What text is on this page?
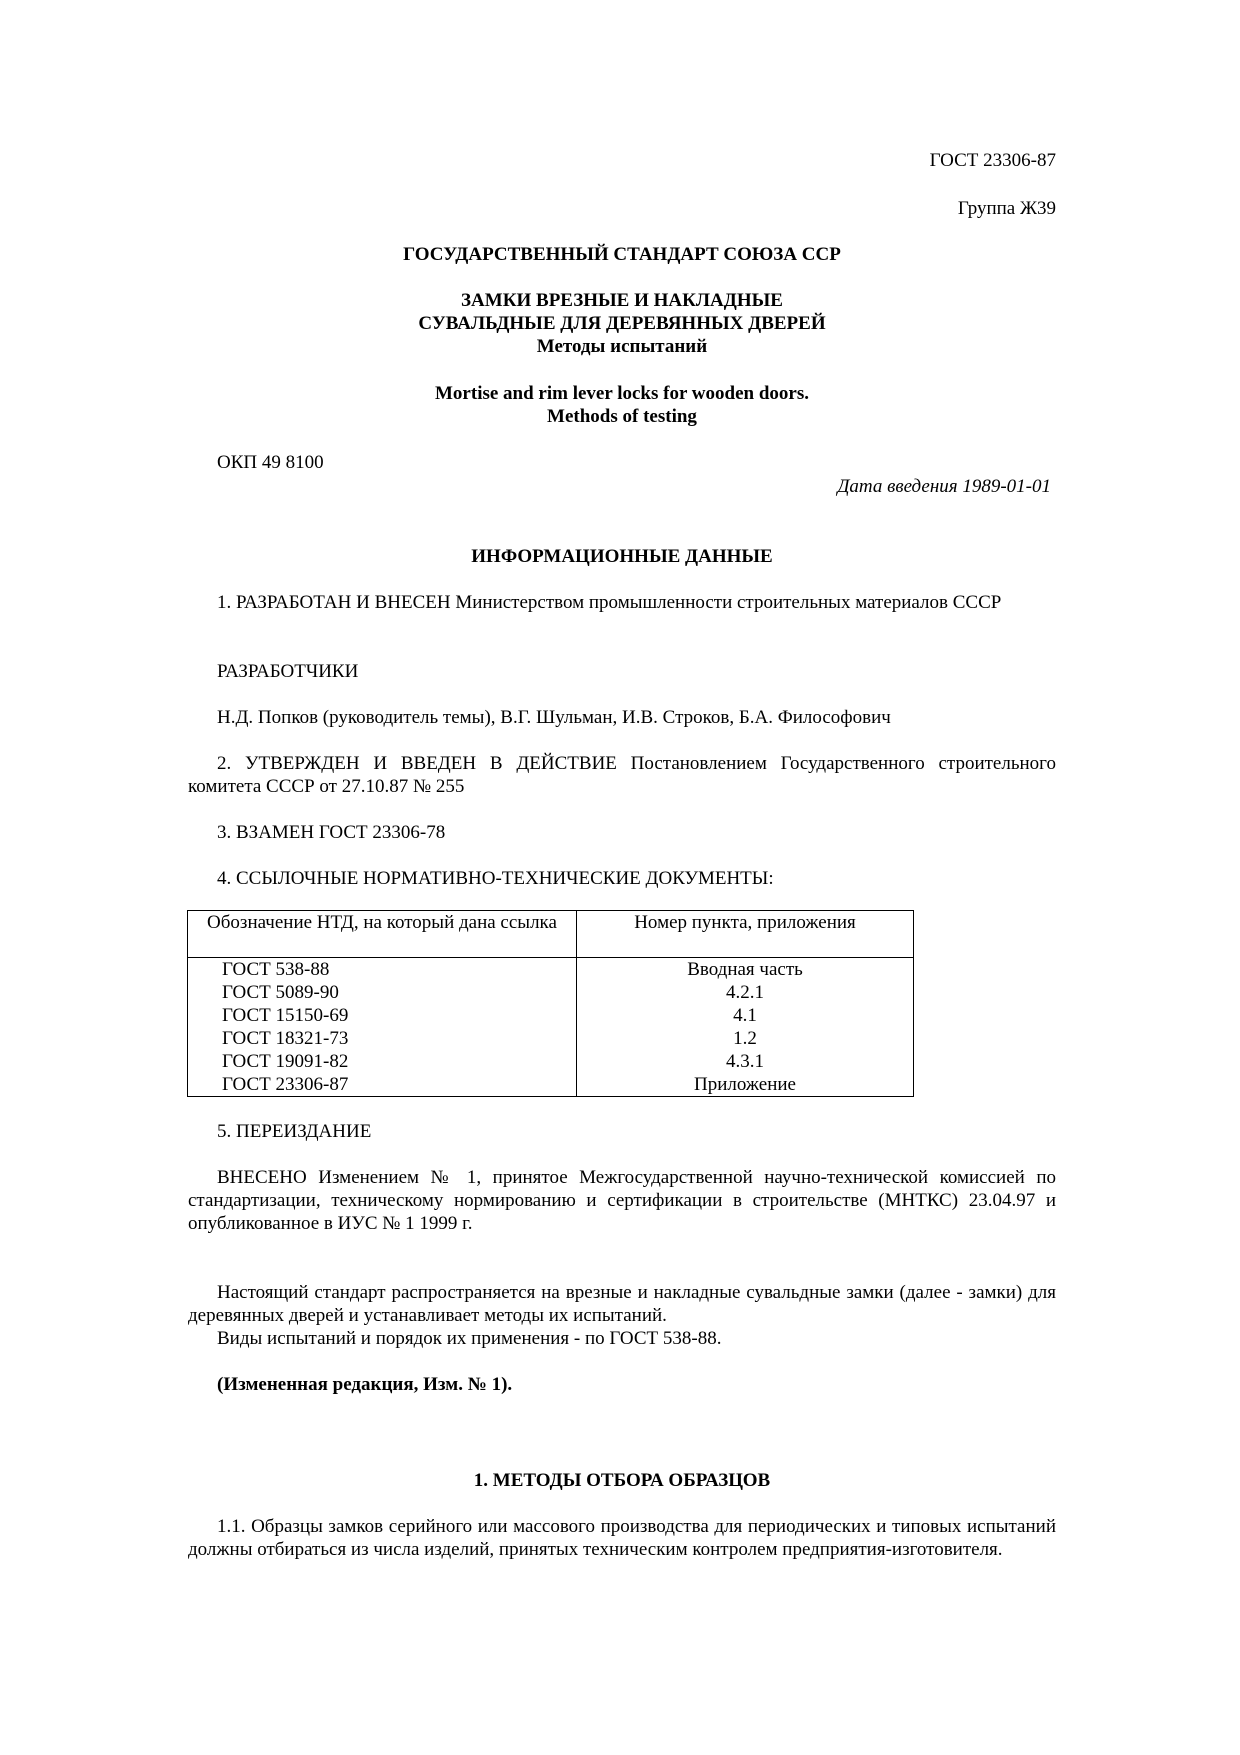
ГОСТ 23306-87

Группа Ж39

ГОСУДАРСТВЕННЫЙ СТАНДАРТ СОЮЗА ССР

ЗАМКИ ВРЕЗНЫЕ И НАКЛАДНЫЕ

СУВАЛЬДНЫЕ ДЛЯ ДЕРЕВЯННЫХ ДВЕРЕЙ

Методы испытаний

Mortise and rim lever locks for wooden doors.

Methods of testing

ОКП 49 8100

Дата введения 1989-01-01

ИНФОРМАЦИОННЫЕ ДАННЫЕ

1. РАЗРАБОТАН И ВНЕСЕН Министерством промышленности строительных материалов СССР

РАЗРАБОТЧИКИ

Н.Д. Попков (руководитель темы), В.Г. Шульман, И.В. Строков, Б.А. Философович

2. УТВЕРЖДЕН И ВВЕДЕН В ДЕЙСТВИЕ Постановлением Государственного строительного комитета СССР от 27.10.87 № 255

3. ВЗАМЕН ГОСТ 23306-78

4. ССЫЛОЧНЫЕ НОРМАТИВНО-ТЕХНИЧЕСКИЕ ДОКУМЕНТЫ:

Обозначение НТД, на который дана ссылка	Номер пункта, приложения
ГОСТ 538-88	Вводная часть
ГОСТ 5089-90	4.2.1
ГОСТ 15150-69	4.1
ГОСТ 18321-73	1.2
ГОСТ 19091-82	4.3.1
ГОСТ 23306-87	Приложение

5. ПЕРЕИЗДАНИЕ

ВНЕСЕНО Изменением № 1, принятое Межгосударственной научно-технической комиссией по стандартизации, техническому нормированию и сертификации в строительстве (МНТКС) 23.04.97 и опубликованное в ИУС № 1 1999 г.

Настоящий стандарт распространяется на врезные и накладные сувальдные замки (далее - замки) для деревянных дверей и устанавливает методы их испытаний.

Виды испытаний и порядок их применения - по ГОСТ 538-88.

(Измененная редакция, Изм. № 1).

1. МЕТОДЫ ОТБОРА ОБРАЗЦОВ

1.1. Образцы замков серийного или массового производства для периодических и типовых испытаний должны отбираться из числа изделий, принятых техническим контролем предприятия-изготовителя.
